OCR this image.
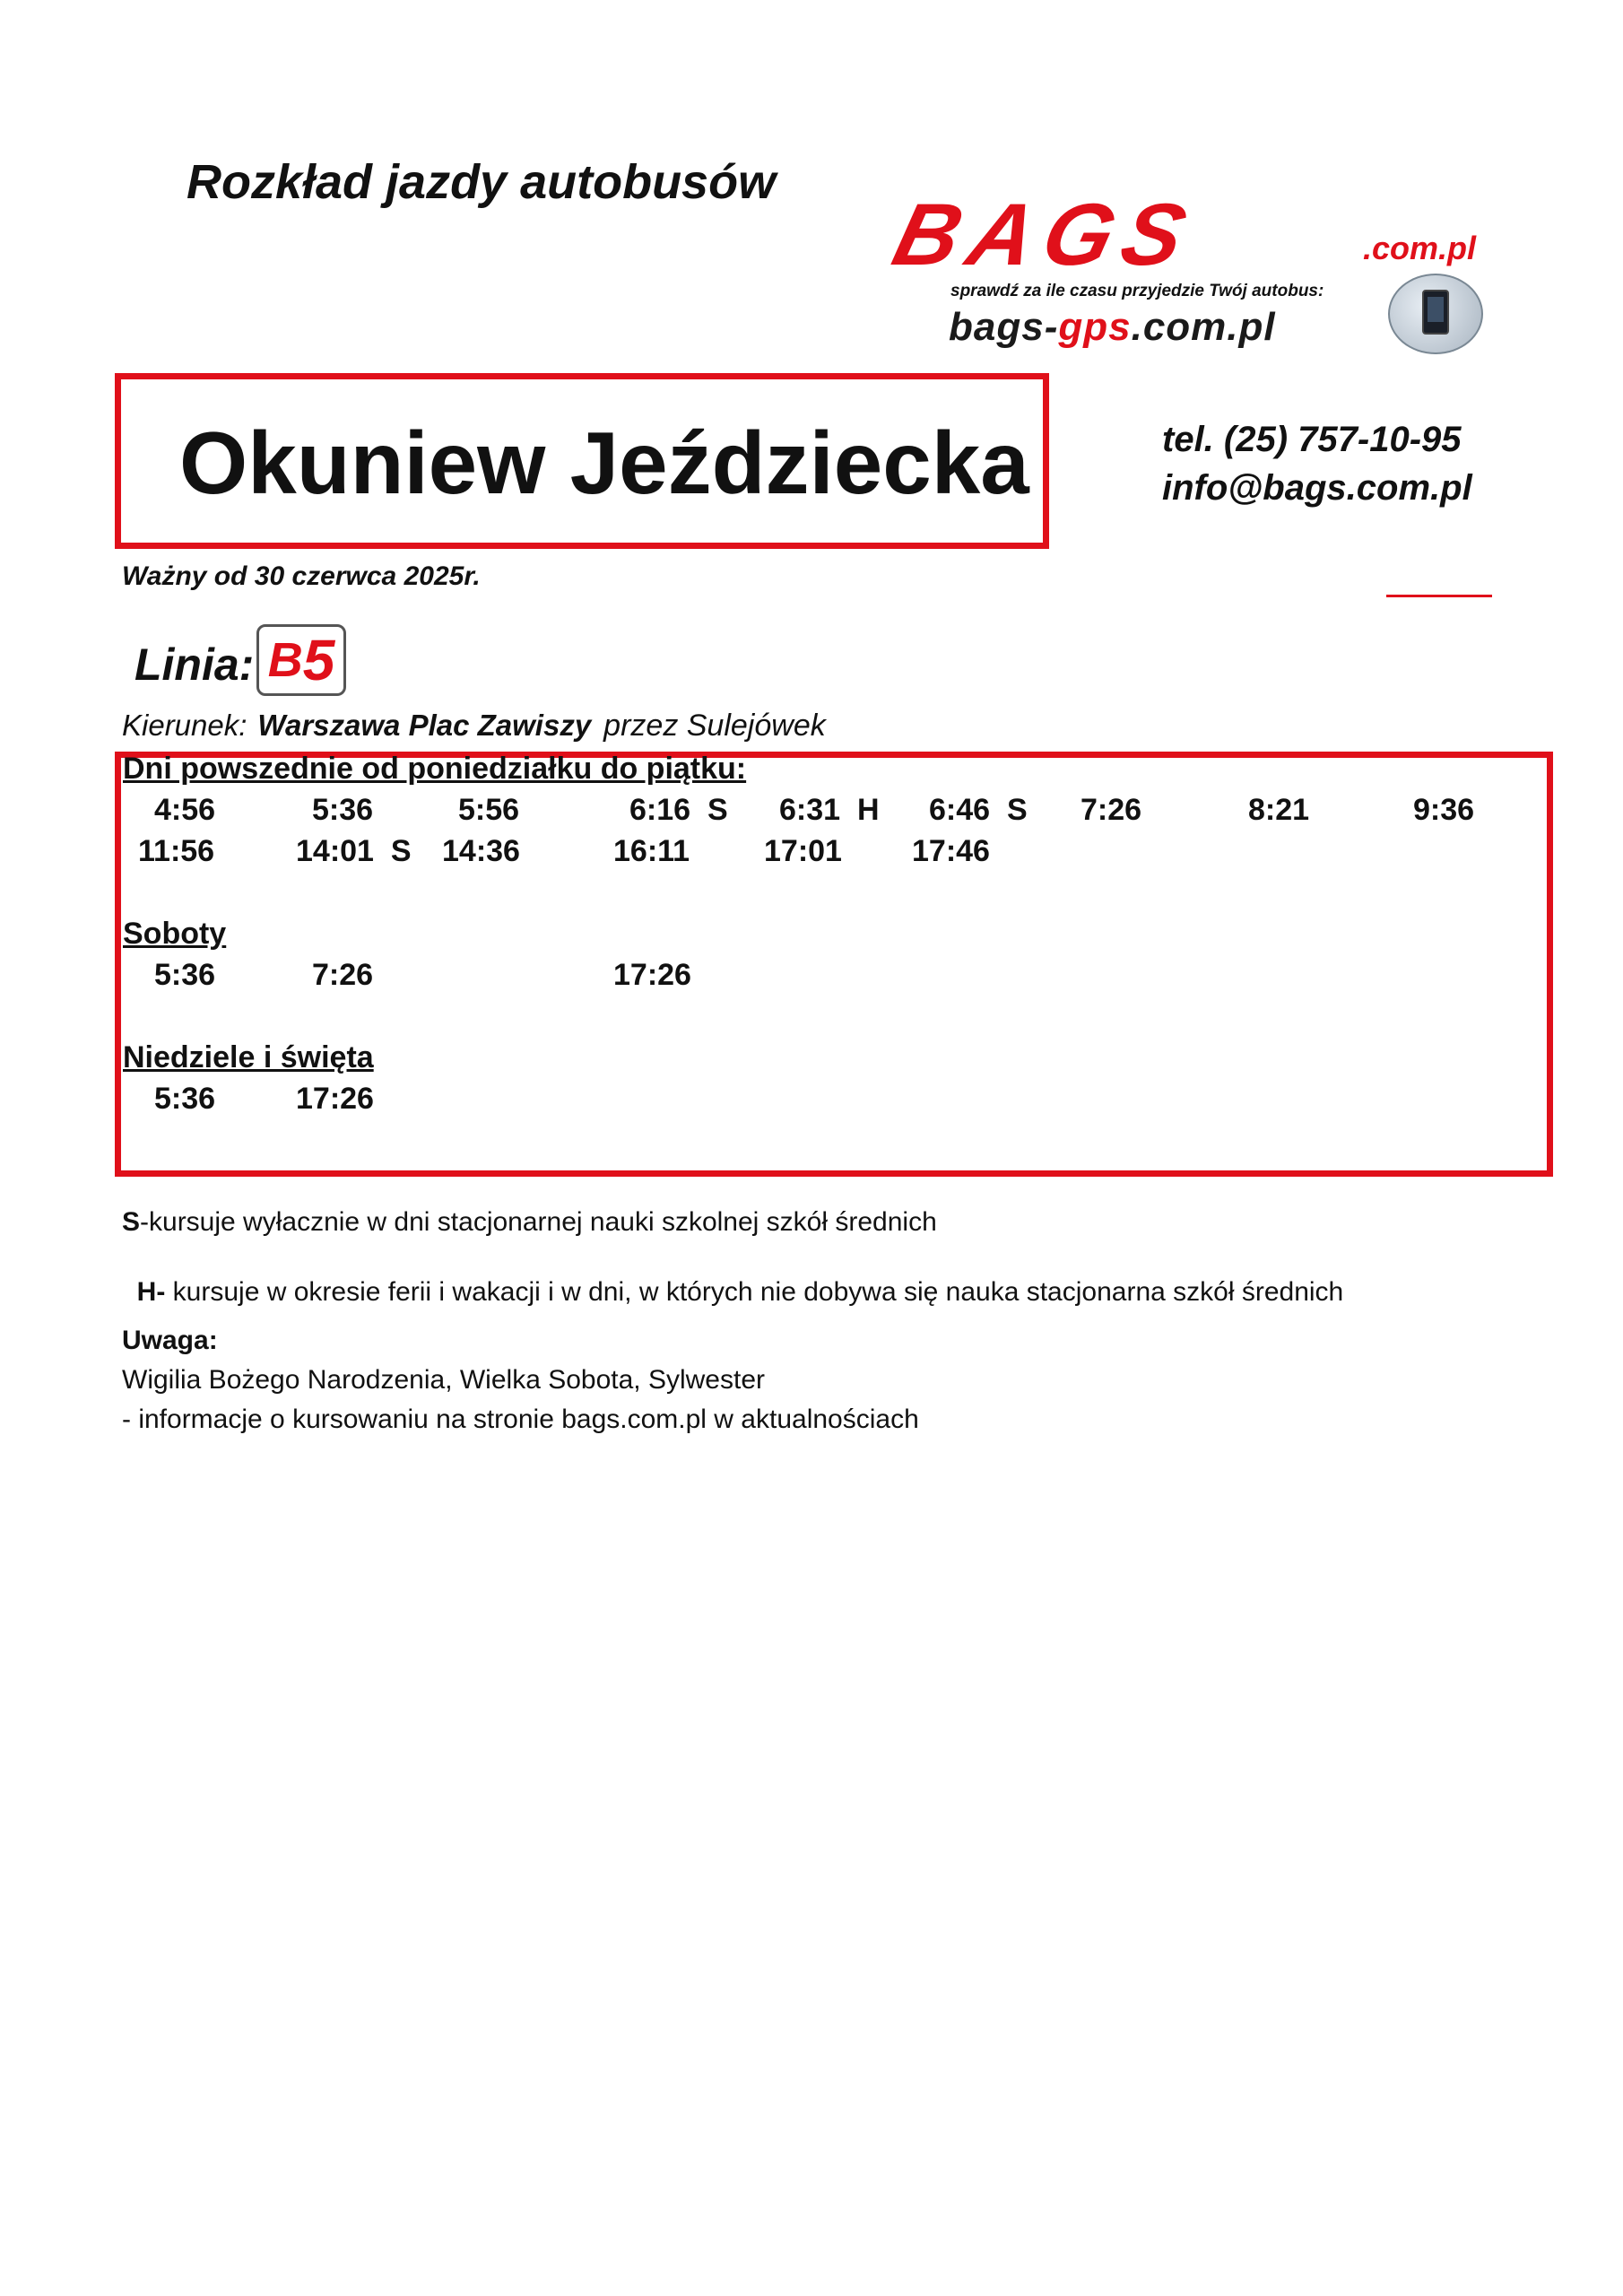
Rozkład jazdy autobusów
BAGS	.com.pl
sprawdź za ile czasu przyjedzie Twój autobus:
bags-gps.com.pl
Okuniew Jeździecka	tel. (25) 757-10-95
info@bags.com.pl
Ważny od 30 czerwca 2025r.
Linia: B 5
Kierunek: Warszawa Plac Zawiszy przez Sulejówek
Dni powszednie od poniedziałku do piątku:
4:56	5:36	5:56	6:16  S 6:31  H 6:46  S 7:26	8:21	9:36
11:56	14:01  S 14:36	16:11 17:01 17:46
Soboty
5:36	7:26	17:26
Niedziele i święta
5:36	17:26
S-kursuje wyłacznie w dni stacjonarnej nauki szkolnej szkół średnich

H- kursuje w okresie ferii i wakacji i w dni, w których nie dobywa się nauka stacjonarna szkół średnich

Uwaga:
Wigilia Bożego Narodzenia, Wielka Sobota, Sylwester
- informacje o kursowaniu na stronie bags.com.pl w aktualnościach
